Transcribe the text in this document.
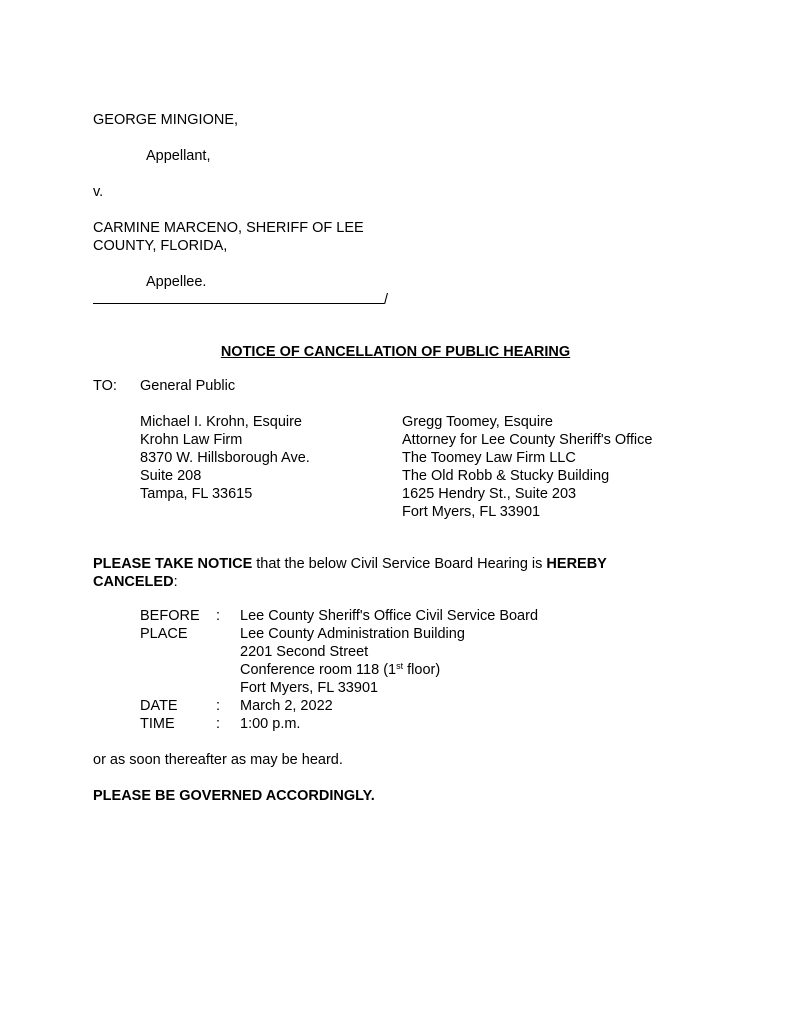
GEORGE MINGIONE,
Appellant,
v.
CARMINE MARCENO, SHERIFF OF LEE
COUNTY, FLORIDA,
Appellee.
/
NOTICE OF CANCELLATION OF PUBLIC HEARING
TO: General Public
Michael I. Krohn, Esquire
Krohn Law Firm
8370 W. Hillsborough Ave.
Suite 208
Tampa, FL 33615
Gregg Toomey, Esquire
Attorney for Lee County Sheriff's Office
The Toomey Law Firm LLC
The Old Robb & Stucky Building
1625 Hendry St., Suite 203
Fort Myers, FL 33901
PLEASE TAKE NOTICE that the below Civil Service Board Hearing is HEREBY
CANCELED:
BEFORE : Lee County Sheriff's Office Civil Service Board
PLACE	Lee County Administration Building
2201 Second Street
Conference room 118 (1st floor)
Fort Myers, FL 33901
DATE	: March 2, 2022
TIME	: 1:00 p.m.
or as soon thereafter as may be heard.
PLEASE BE GOVERNED ACCORDINGLY.
